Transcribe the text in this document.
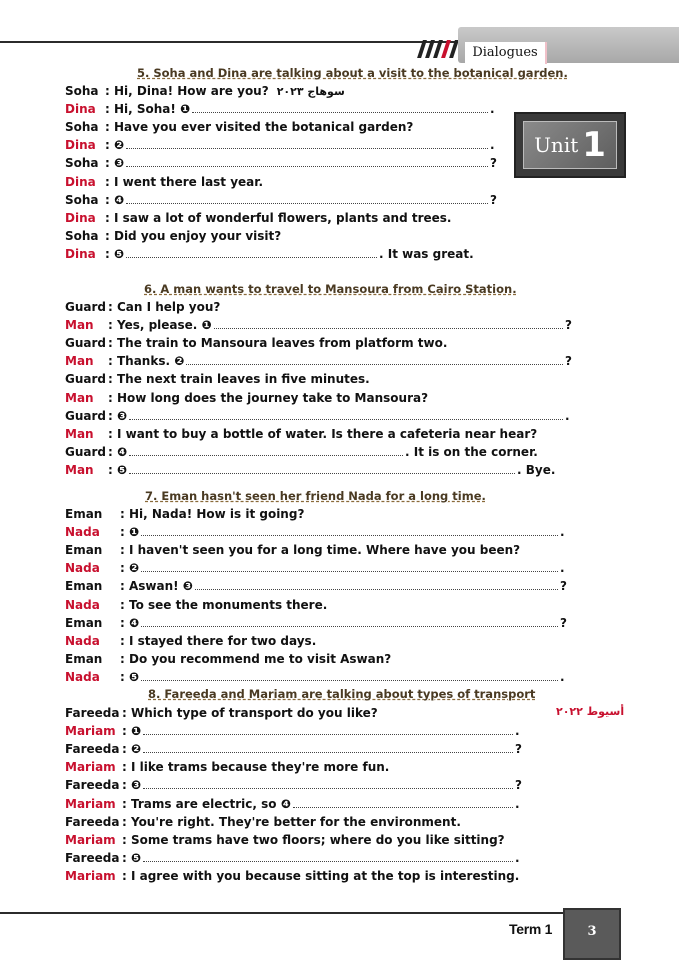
Dialogues
Unit 1
5. Soha and Dina are talking about a visit to the botanical garden.
Soha : Hi, Dina! How are you? سوهاج ٢٠٢٣
Dina : Hi, Soha! ❶	.
Soha : Have you ever visited the botanical garden?
Dina : ❷	.
Soha : ❸	?
Dina : I went there last year.
Soha : ❹	?
Dina : I saw a lot of wonderful flowers, plants and trees.
Soha : Did you enjoy your visit?
Dina : ❺	. It was great.
6. A man wants to travel to Mansoura from Cairo Station.
Guard : Can I help you?
Man : Yes, please. ❶	?
Guard : The train to Mansoura leaves from platform two.
Man : Thanks. ❷	?
Guard : The next train leaves in five minutes.
Man : How long does the journey take to Mansoura?
Guard : ❸	.
Man : I want to buy a bottle of water. Is there a cafeteria near hear?
Guard : ❹	. It is on the corner.
Man : ❺	. Bye.
7. Eman hasn't seen her friend Nada for a long time.
Eman : Hi, Nada! How is it going?
Nada : ❶	.
Eman : I haven't seen you for a long time. Where have you been?
Nada : ❷	.
Eman : Aswan! ❸	?
Nada : To see the monuments there.
Eman : ❹	?
Nada : I stayed there for two days.
Eman : Do you recommend me to visit Aswan?
Nada : ❺	.
8. Fareeda and Mariam are talking about types of transport
أسيوط ٢٠٢٢
Fareeda : Which type of transport do you like?
Mariam : ❶	.
Fareeda : ❷	?
Mariam : I like trams because they're more fun.
Fareeda : ❸	?
Mariam : Trams are electric, so ❹	.
Fareeda : You're right. They're better for the environment.
Mariam : Some trams have two floors; where do you like sitting?
Fareeda : ❺	.
Mariam : I agree with you because sitting at the top is interesting.
Term 1	3
